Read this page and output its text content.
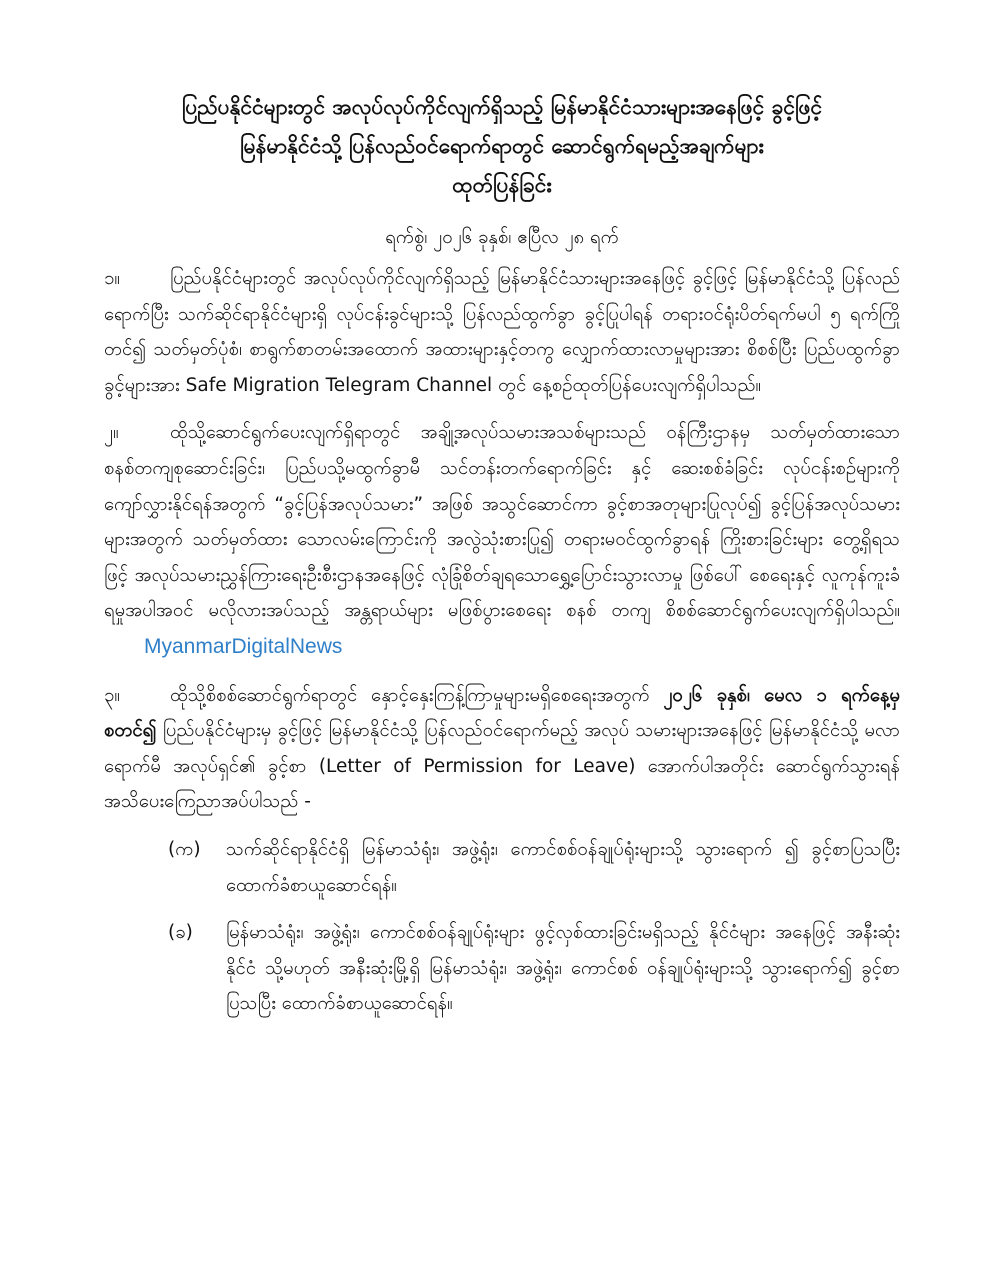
ပြည်ပနိုင်ငံများတွင် အလုပ်လုပ်ကိုင်လျက်ရှိသည့် မြန်မာနိုင်ငံသားများအနေဖြင့် ခွင့်ဖြင့်
မြန်မာနိုင်ငံသို့ ပြန်လည်ဝင်ရောက်ရာတွင် ဆောင်ရွက်ရမည့်အချက်များ
ထုတ်ပြန်ခြင်း
ရက်စွဲ၊ ၂၀၂၆ ခုနှစ်၊ ဧပြီလ ၂၈ ရက်

၁။	ပြည်ပနိုင်ငံများတွင် အလုပ်လုပ်ကိုင်လျက်ရှိသည့် မြန်မာနိုင်ငံသားများအနေဖြင့် ခွင့်ဖြင့် မြန်မာနိုင်ငံသို့ ပြန်လည်ရောက်ပြီး သက်ဆိုင်ရာနိုင်ငံများရှိ လုပ်ငန်းခွင်များသို့ ပြန်လည်ထွက်ခွာ ခွင့်ပြုပါရန် တရားဝင်ရုံးပိတ်ရက်မပါ ၅ ရက်ကြိုတင်၍ သတ်မှတ်ပုံစံ၊ စာရွက်စာတမ်းအထောက် အထားများနှင့်တကွ လျှောက်ထားလာမှုများအား စိစစ်ပြီး ပြည်ပထွက်ခွာခွင့်များအား Safe Migration Telegram Channel တွင် နေ့စဉ်ထုတ်ပြန်ပေးလျက်ရှိပါသည်။

၂။	ထိုသို့ဆောင်ရွက်ပေးလျက်ရှိရာတွင် အချို့အလုပ်သမားအသစ်များသည် ဝန်ကြီးဌာနမှ သတ်မှတ်ထားသော စနစ်တကျစုဆောင်းခြင်း၊ ပြည်ပသို့မထွက်ခွာမီ သင်တန်းတက်ရောက်ခြင်း နှင့် ဆေးစစ်ခံခြင်း လုပ်ငန်းစဉ်များကို ကျော်လွှားနိုင်ရန်အတွက် “ခွင့်ပြန်အလုပ်သမား” အဖြစ် အသွင်ဆောင်ကာ ခွင့်စာအတုများပြုလုပ်၍ ခွင့်ပြန်အလုပ်သမားများအတွက် သတ်မှတ်ထား သောလမ်းကြောင်းကို အလွဲသုံးစားပြု၍ တရားမဝင်ထွက်ခွာရန် ကြိုးစားခြင်းများ တွေ့ရှိရသဖြင့် အလုပ်သမားညွှန်ကြားရေးဦးစီးဌာနအနေဖြင့် လုံခြုံစိတ်ချရသောရွှေ့ပြောင်းသွားလာမှု ဖြစ်ပေါ် စေရေးနှင့် လူကုန်ကူးခံရမှုအပါအဝင် မလိုလားအပ်သည့် အန္တရာယ်များ မဖြစ်ပွားစေရေး စနစ် တကျ စိစစ်ဆောင်ရွက်ပေးလျက်ရှိပါသည်။MyanmarDigitalNews

၃။	ထိုသို့စိစစ်ဆောင်ရွက်ရာတွင် နှောင့်နှေးကြန့်ကြာမှုများမရှိစေရေးအတွက် ၂၀၂၆ ခုနှစ်၊ မေလ ၁ ရက်နေ့မှစတင်၍ ပြည်ပနိုင်ငံများမှ ခွင့်ဖြင့် မြန်မာနိုင်ငံသို့ ပြန်လည်ဝင်ရောက်မည့် အလုပ် သမားများအနေဖြင့် မြန်မာနိုင်ငံသို့ မလာရောက်မီ အလုပ်ရှင်၏ ခွင့်စာ (Letter of Permission for Leave) အောက်ပါအတိုင်း ဆောင်ရွက်သွားရန် အသိပေးကြေညာအပ်ပါသည် -

(က)	သက်ဆိုင်ရာနိုင်ငံရှိ မြန်မာသံရုံး၊ အဖွဲ့ရုံး၊ ကောင်စစ်ဝန်ချုပ်ရုံးများသို့ သွားရောက် ၍ ခွင့်စာပြသပြီး ထောက်ခံစာယူဆောင်ရန်။
(ခ)	မြန်မာသံရုံး၊ အဖွဲ့ရုံး၊ ကောင်စစ်ဝန်ချုပ်ရုံးများ ဖွင့်လှစ်ထားခြင်းမရှိသည့် နိုင်ငံများ အနေဖြင့် အနီးဆုံးနိုင်ငံ သို့မဟုတ် အနီးဆုံးမြို့ရှိ မြန်မာသံရုံး၊ အဖွဲ့ရုံး၊ ကောင်စစ် ဝန်ချုပ်ရုံးများသို့ သွားရောက်၍ ခွင့်စာပြသပြီး ထောက်ခံစာယူဆောင်ရန်။
